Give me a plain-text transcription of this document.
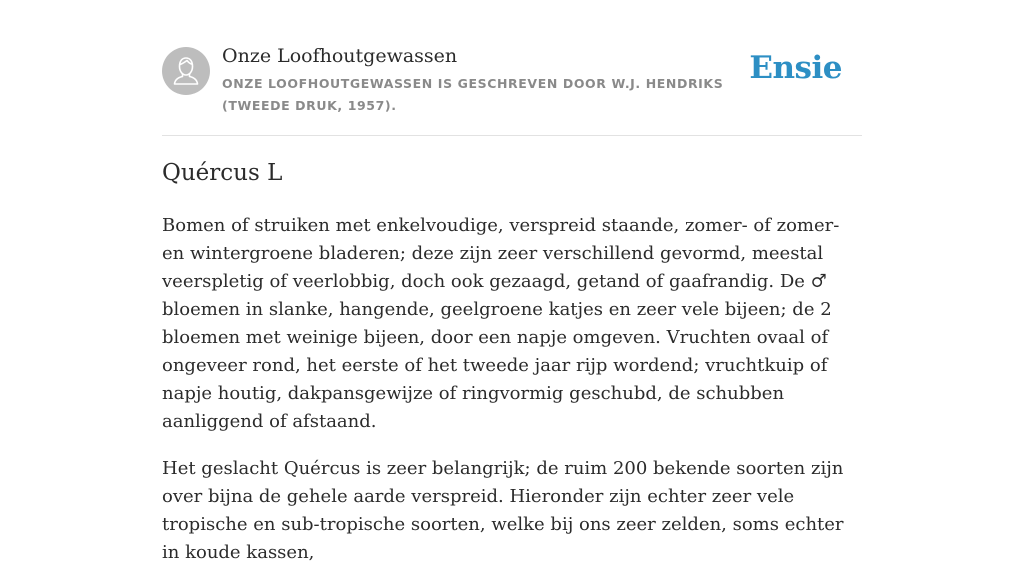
Onze Loofhoutgewassen
ONZE LOOFHOUTGEWASSEN IS GESCHREVEN DOOR W.J. HENDRIKS (TWEEDE DRUK, 1957).
Ensie
Quércus L

Bomen of struiken met enkelvoudige, verspreid staande, zomer- of zomer- en wintergroene bladeren; deze zijn zeer verschillend gevormd, meestal veerspletig of veerlobbig, doch ook gezaagd, getand of gaafrandig. De ♂ bloemen in slanke, hangende, geelgroene katjes en zeer vele bijeen; de 2 bloemen met weinige bijeen, door een napje omgeven. Vruchten ovaal of ongeveer rond, het eerste of het tweede jaar rijp wordend; vruchtkuip of napje houtig, dakpansgewijze of ringvormig geschubd, de schubben aanliggend of afstaand.

Het geslacht Quércus is zeer belangrijk; de ruim 200 bekende soorten zijn over bijna de gehele aarde verspreid. Hieronder zijn echter zeer vele tropische en sub-tropische soorten, welke bij ons zeer zelden, soms echter in koude kassen,
